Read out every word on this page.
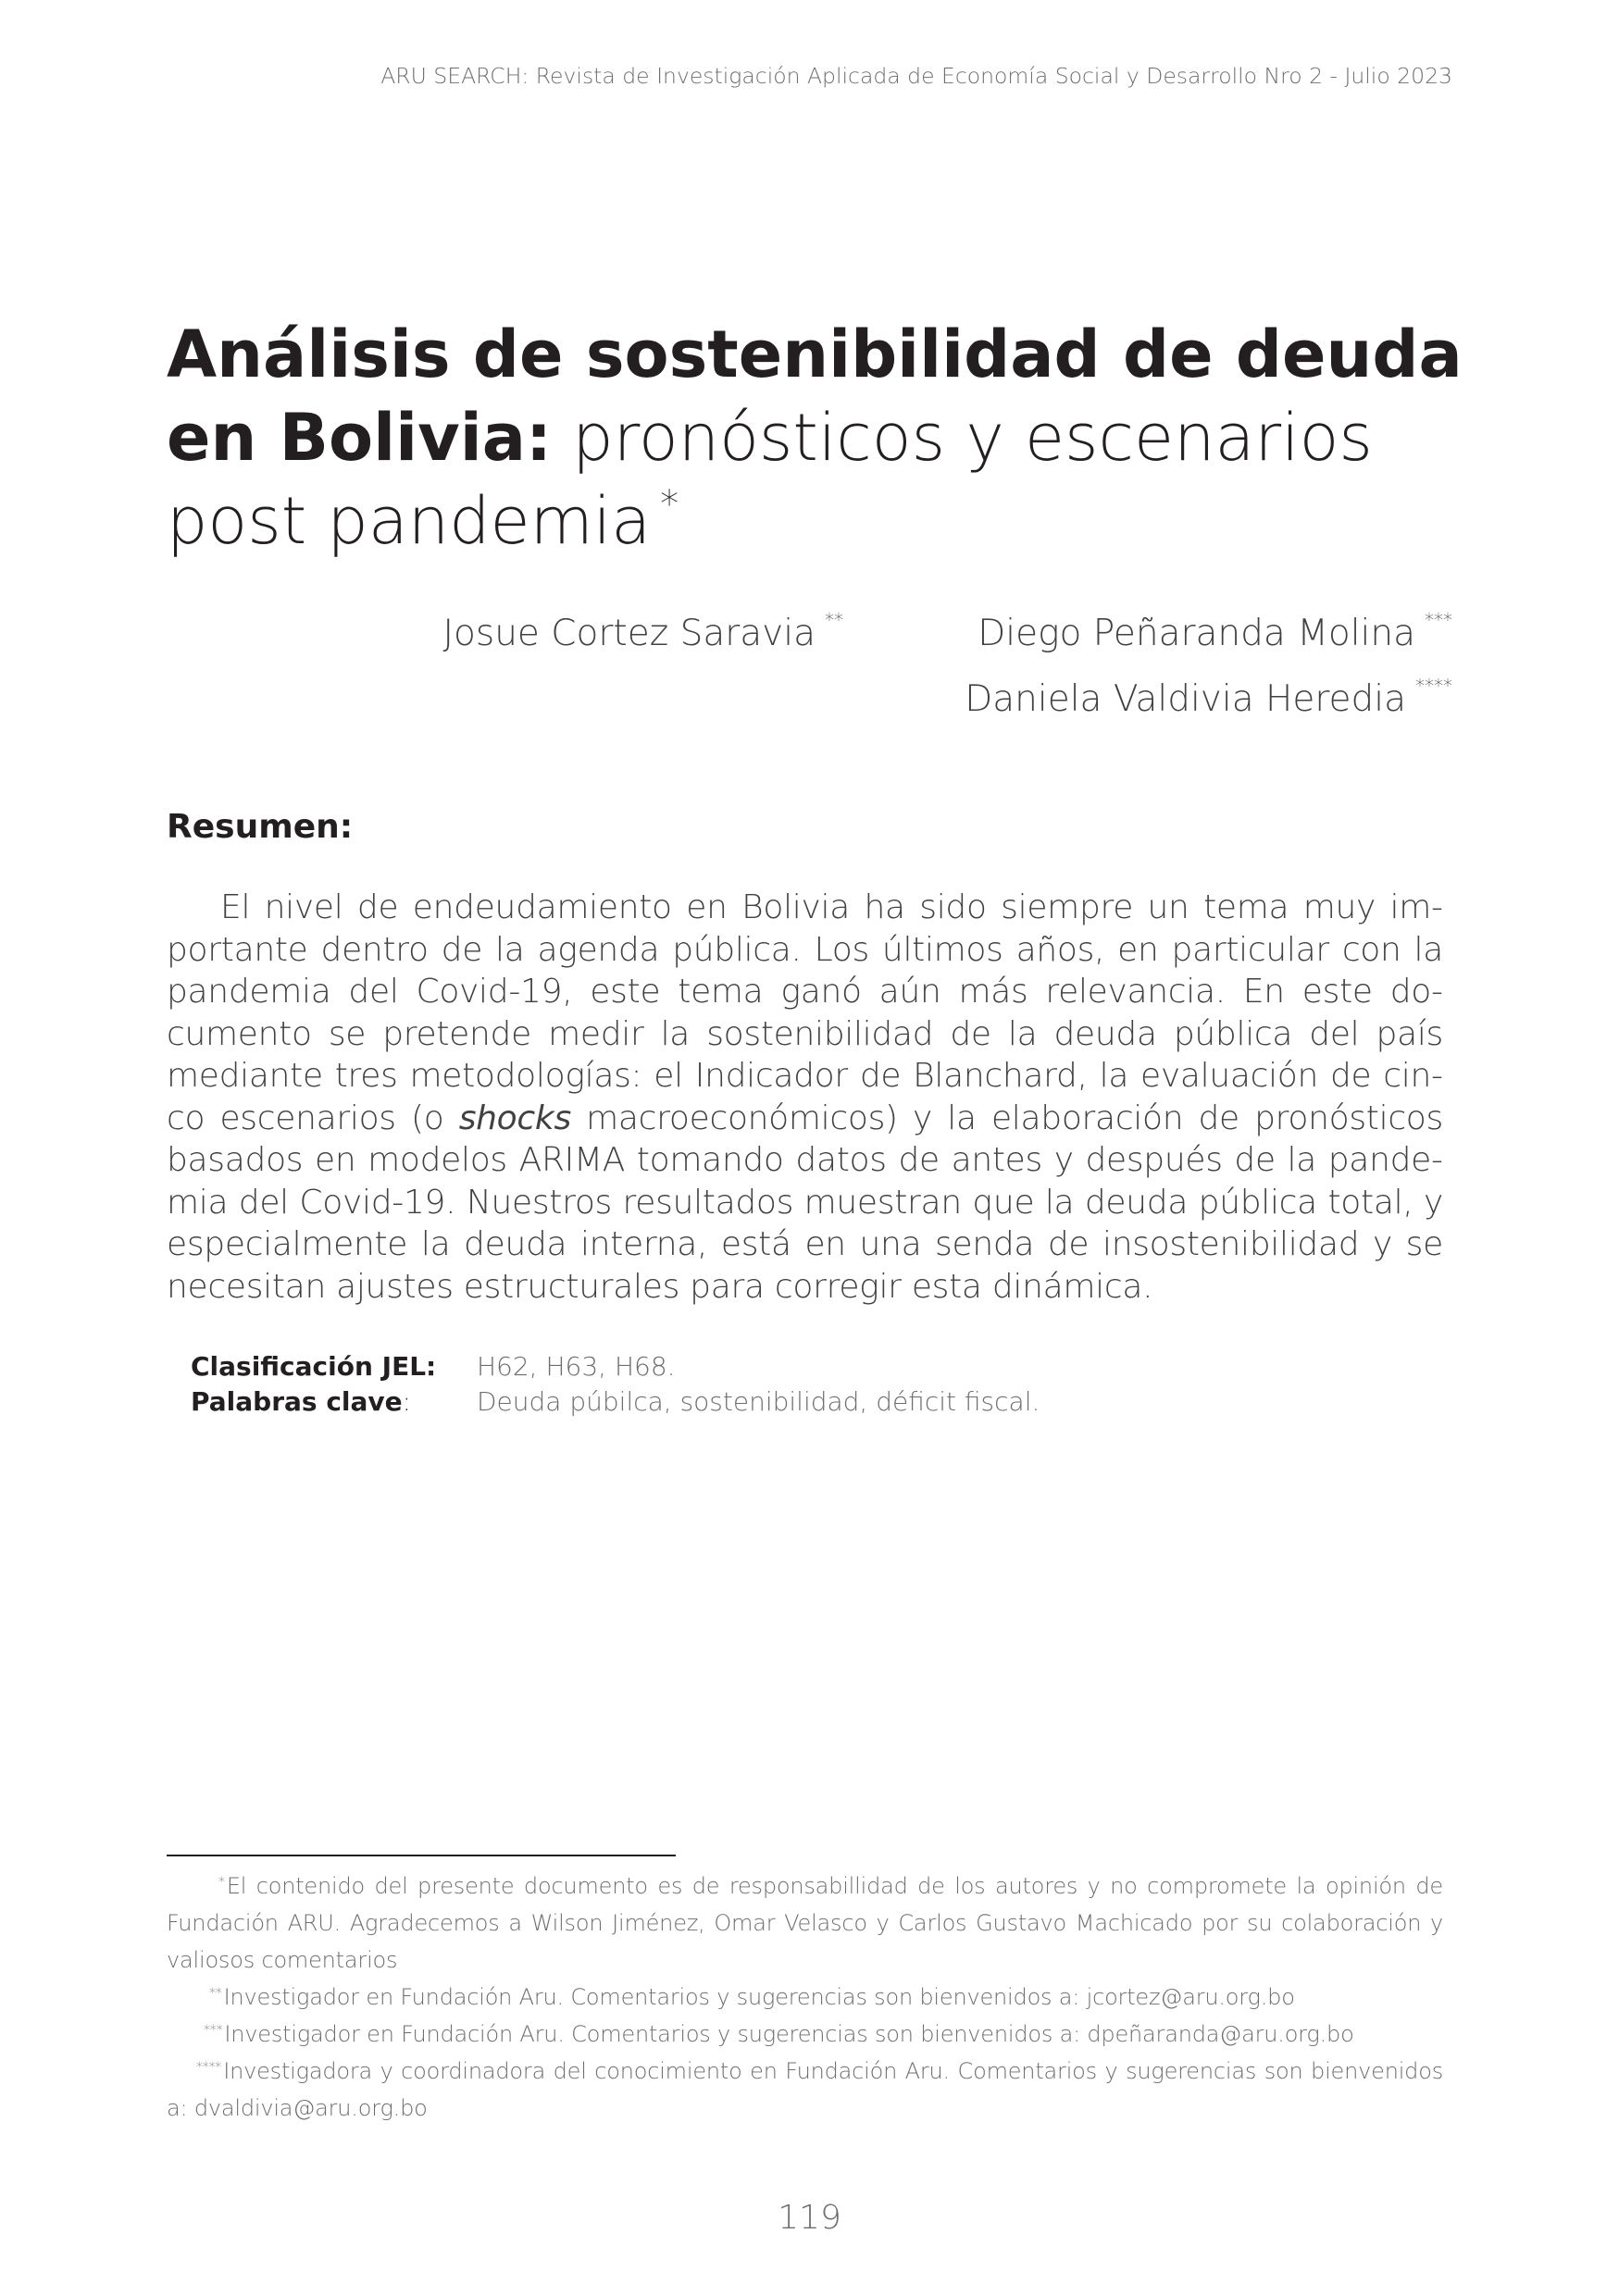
ARU SEARCH: Revista de Investigación Aplicada de Economía Social y Desarrollo Nro 2 - Julio 2023
Análisis de sostenibilidad de deuda
en Bolivia: pronósticos y escenarios
post pandemia *
Josue Cortez Saravia **	Diego Peñaranda Molina ***
Daniela Valdivia Heredia ****
Resumen:

El nivel de endeudamiento en Bolivia ha sido siempre un tema muy importante dentro de la agenda pública. Los últimos años, en particular con la pandemia del Covid-19, este tema ganó aún más relevancia. En este documento se pretende medir la sostenibilidad de la deuda pública del país mediante tres metodologías: el Indicador de Blanchard, la evaluación de cinco escenarios (o shocks macroeconómicos) y la elaboración de pronósticos basados en modelos ARIMA tomando datos de antes y después de la pandemia del Covid-19. Nuestros resultados muestran que la deuda pública total, y especialmente la deuda interna, está en una senda de insostenibilidad y se necesitan ajustes estructurales para corregir esta dinámica.

Clasificación JEL:	H62, H63, H68.
Palabras clave:	Deuda púbilca, sostenibilidad, déficit fiscal.

*El contenido del presente documento es de responsabillidad de los autores y no compromete la opinión de Fundación ARU. Agradecemos a Wilson Jiménez, Omar Velasco y Carlos Gustavo Machicado por su colaboración y valiosos comentarios

**Investigador en Fundación Aru. Comentarios y sugerencias son bienvenidos a: jcortez@aru.org.bo

***Investigador en Fundación Aru. Comentarios y sugerencias son bienvenidos a: dpeñaranda@aru.org.bo

****Investigadora y coordinadora del conocimiento en Fundación Aru. Comentarios y sugerencias son bienvenidos a: dvaldivia@aru.org.bo

119
